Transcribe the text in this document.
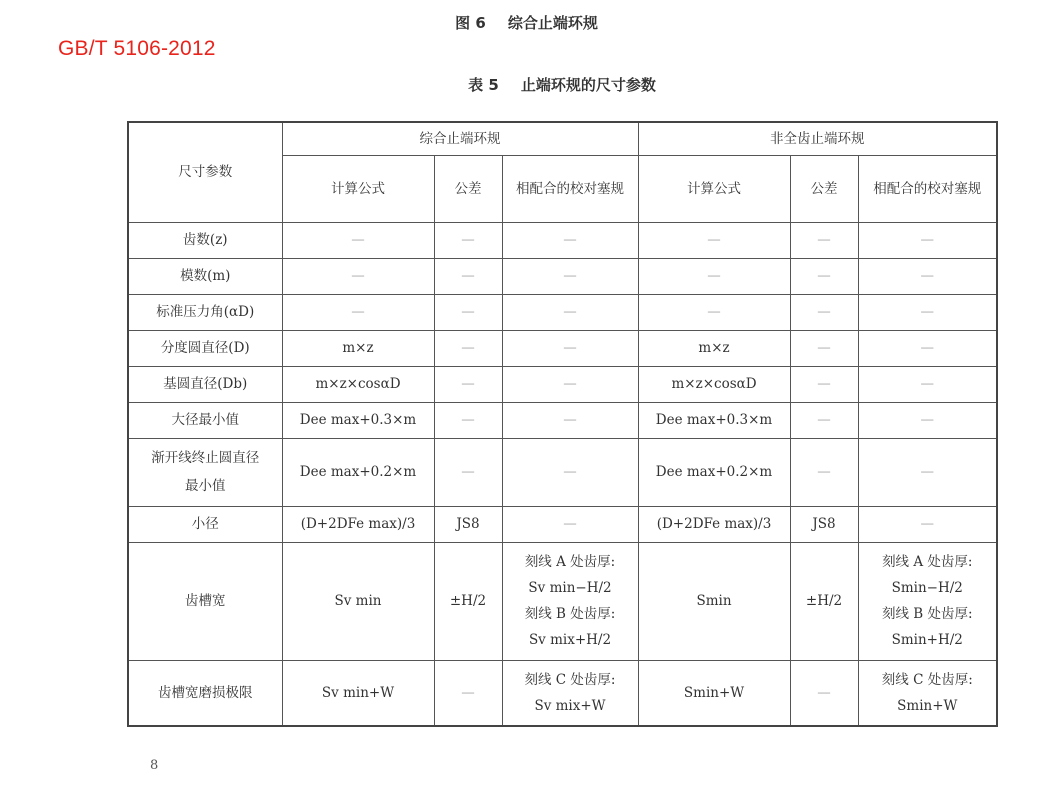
GB/T 5106-2012
图 6 综合止端环规
表 5 止端环规的尺寸参数
尺寸参数	综合止端环规			非全齿止端环规		
	计算公式	公差	相配合的校对塞规	计算公式	公差	相配合的校对塞规
齿数(z)	—	—	—	—	—	—
模数(m)	—	—	—	—	—	—
标准压力角(αD)	—	—	—	—	—	—
分度圆直径(D)	m×z	—	—	m×z	—	—
基圆直径(Db)	m×z×cosαD	—	—	m×z×cosαD	—	—
大径最小值	Dee max+0.3×m	—	—	Dee max+0.3×m	—	—
渐开线终止圆直径最小值	Dee max+0.2×m	—	—	Dee max+0.2×m	—	—
小径	(D+2DFe max)/3	JS8	—	(D+2DFe max)/3	JS8	—
齿槽宽	Sv min	±H/2	刻线 A 处齿厚:
Sv min−H/2
刻线 B 处齿厚:
Sv mix+H/2	Smin	±H/2	刻线 A 处齿厚:
Smin−H/2
刻线 B 处齿厚:
Smin+H/2

齿槽宽磨损极限	Sv min+W	—	刻线 C 处齿厚:
Sv mix+W	Smin+W	—	刻线 C 处齿厚:
Smin+W
8
